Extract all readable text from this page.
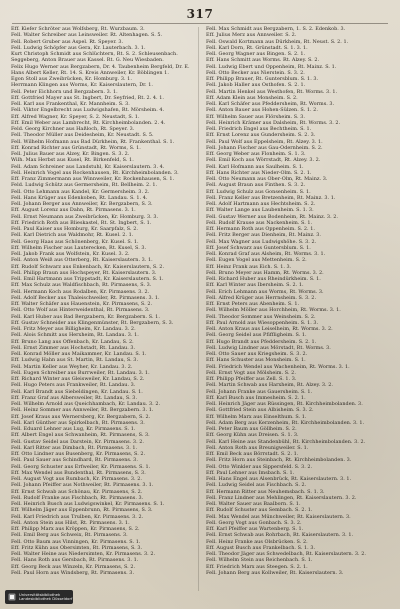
317
Eff. Kiefer Schröter aus Wolfsberg, Rt. Wurzbaum. 3.
Fell. Walter Schreiber aus Leinsweiler. Rt. Altenhagen. S. 5.
Fell. Robert Gruber aus Aspel. Rt. Speyer. 3.
Fell. Ludwig Schöpfer aus Gera, Kr. Lauterbach. 3. 1.
Kurt Christoph Schmidt aus Schlüchtern, Rt. S. 2. Schleusenbach.
Seggeberg, Anton Brauer aus Kassel. Rt. G. Neu Wiesbaden.
Felix Hugo Werner aus Bergzabern, Dr. 4. Taubenheim Bergfeld, Dr. E.
Hans Albert Keller, Rt. 14. S. Kreis Annweiler, Kr. Böblingen 1.
Egon Stoll aus Zweibrücken, Kr. Homburg. 3. 1.
Herrmann Klingen aus Worms, Kr. Kaiserslautern, Dr. 1.
Fell. Peter Eichhorn und Bergzabern. 3. 1.
Eff. Gottfried Mayer aus St. Ingbert, Dr. Seyfried, Rt. 2. 4. 1.
Fell. Karl aus Frankenthal, Kr. Mannheim. S. 3.
Fell. Viktor Engelbrecht aus Ludwigshafen, Rt. Mörsheim. 4.
Eff. Alfred Wagner, Kr. Speyer, S. 2. Neustadt, S. 1.
Eff. Emil Weber aus Lambrecht, Rt. Kirchheimbolanden. 2. 4.
Feld. Georg Kirchner aus Haßloch, Rt. Speyer. 3.
Fell. Theodor Müller aus Deidesheim, Kr. Neustadt. S. 5.
Fell. Wilhelm Hofmann aus Bad Dürkheim, Rt. Frankenthal. S. 1.
Eff. Konrad Richter aus Grünstadt, Rt. Worms, S. 1.
Fell. Julius Bauer aus Alzey, Kr. Bingen. S. 3. 2.
Wilh. Max Herbst aus Kusel, Rt. Birkenfeld, S. 1.
Fell. Adam Schreiner aus Landstuhl, Kr. Kaiserslautern. 3. 4.
Fell. Heinrich Vogel aus Rockenhausen, Rt. Kirchheimbolanden. 3.
Eff. Franz Zimmermann aus Winnweiler, Kr. Rockenhausen, S. 1.
Feld. Ludwig Schütz aus Germersheim, Rt. Bellheim. 2. 1.
Fell. Otto Lehmann aus Kandel, Kr. Germersheim. 3. 2.
Fell. Hans Krüger aus Edenkoben, Rt. Landau. S. 1. 4.
Fell. Johann Berger aus Annweiler, Kr. Bergzabern, S. 3.
Eff. August Lorenz aus Dahn, Rt. Pirmasens. 3. 1.
Fell. Ernst Neumann aus Zweibrücken, Kr. Homburg. 3. 3.
Eff. Friedrich Roth aus Blieskastel, Rt. St. Ingbert, S. 1.
Fell. Paul Kaiser aus Homburg, Kr. Saarpfalz, S. 2.
Fell. Karl Dietrich aus Waldmohr, Rt. Kusel. 2. 1.
Fell. Georg Haas aus Schönenberg, Kr. Kusel. S. 1.
Eff. Wilhelm Fischer aus Lauterecken, Rt. Kusel, S. 3.
Fell. Jakob Frank aus Wolfstein, Kr. Kusel. 3. 2.
Fell. Anton Weiß aus Otterberg, Rt. Kaiserslautern. 3. 1.
Eff. Rudolf Schwarz aus Enkenbach, Kr. Kaiserslautern, S. 2.
Fell. Philipp Braun aus Hochspeyer, Rt. Kaiserslautern. 3.
Fell. Emil Hartmann aus Trippstadt, Kr. Kaiserslautern. S. 1.
Eff. Max Schulz aus Waldfischbach, Rt. Pirmasens, S. 3.
Fell. Hermann Koch aus Rodalben, Kr. Pirmasens. 3. 2.
Fell. Adolf Becker aus Thaleischweiler, Rt. Pirmasens. 3. 1.
Eff. Walter Schäfer aus Hauenstein, Kr. Pirmasens, S. 2.
Fell. Otto Wolf aus Hinterweidenthal, Rt. Pirmasens. 3.
Fell. Karl Huber aus Bad Bergzabern, Kr. Bergzabern. S. 1.
Eff. Gustav Schneider aus Klingenmünster, Rt. Bergzabern, S. 3.
Fell. Fritz Meyer aus Billigheim, Kr. Landau. 3. 2.
Fell. Alois Schmitt aus Herxheim, Rt. Landau. 3. 1.
Eff. Bruno Lang aus Offenbach, Kr. Landau, S. 2.
Fell. Ernst Zimmer aus Hochstadt, Rt. Landau. 3.
Fell. Konrad Möller aus Maikammer, Kr. Landau. S. 1.
Eff. Ludwig Hahn aus St. Martin, Rt. Landau, S. 3.
Fell. Martin Keller aus Weyher, Kr. Landau. 3. 2.
Fell. Eugen Schreiber aus Burrweiler, Rt. Landau. 3. 1.
Eff. Richard Winter aus Gleisweiler, Kr. Landau, S. 2.
Fell. Hugo Peters aus Frankweiler, Rt. Landau. 3.
Fell. Karl Brandt aus Siebeldingen, Kr. Landau. S. 1.
Eff. Franz Graf aus Albersweiler, Rt. Landau, S. 3.
Fell. Wilhelm Arnold aus Queichhambach, Kr. Landau. 3. 2.
Fell. Heinz Sommer aus Annweiler, Rt. Bergzabern. 3. 1.
Eff. Josef Kraus aus Wernersberg, Kr. Bergzabern, S. 2.
Fell. Karl Günther aus Spirkelbach, Rt. Pirmasens. 3.
Fell. Eduard Lehner aus Lug, Kr. Pirmasens. S. 1.
Eff. Albert Engel aus Schwanheim, Rt. Pirmasens, S. 3.
Fell. Gustav Seidel aus Darstein, Kr. Pirmasens. 3. 2.
Fell. Karl Ritter aus Dimbach, Rt. Pirmasens. 3. 1.
Eff. Otto Lindner aus Busenberg, Kr. Pirmasens, S. 2.
Fell. Paul Sauer aus Schindhard, Rt. Pirmasens. 3.
Fell. Georg Schuster aus Erfweiler, Kr. Pirmasens. S. 1.
Eff. Max Wendel aus Bundenthal, Rt. Pirmasens, S. 3.
Fell. August Vogt aus Rumbach, Kr. Pirmasens. 3. 2.
Fell. Johann Pfeiffer aus Nothweiler, Rt. Pirmasens. 3. 1.
Eff. Ernst Schwab aus Schönau, Kr. Pirmasens, S. 2.
Fell. Rudolf Franke aus Fischbach, Rt. Pirmasens. 3.
Fell. Heinrich Busch aus Ludwigswinkel, Kr. Pirmasens. S. 1.
Eff. Wilhelm Jäger aus Eppenbrunn, Rt. Pirmasens, S. 3.
Fell. Karl Friedrich aus Trulben, Kr. Pirmasens. 3. 2.
Fell. Anton Stein aus Hilst, Rt. Pirmasens. 3. 1.
Eff. Philipp Marx aus Kröppen, Kr. Pirmasens, S. 2.
Fell. Emil Berg aus Schweix, Rt. Pirmasens. 3.
Fell. Otto Baum aus Vinningen, Kr. Pirmasens. S. 1.
Eff. Fritz Kühn aus Obersimten, Rt. Pirmasens, S. 3.
Fell. Walter Heine aus Niedersimten, Kr. Pirmasens. 3. 2.
Fell. Hans Roth aus Gersbach, Rt. Pirmasens. 3. 1.
Eff. Georg Beck aus Winzeln, Kr. Pirmasens, S. 2.
Fell. Paul Horn aus Windsberg, Rt. Pirmasens. 3.
Fell. Max Schmidt aus Bergzabern, 1. S. 2. Edenkob. 3.
Eff. Julius Merz aus Annweiler. S. 2.
Fell. Oswald Kortmann aus Dürkheim, Rt. Neust. S. 2. 1.
Fell. Karl Dorn, Rt. Grünstadt. S. 1. 3. 1.
Fell. Georg Wagner aus Bingen. S. 2. 1.
Eff. Hans Schmitt aus Worms. Rt. Alzey. S. 2.
Fell. Ludwig Ebert und Oppenheim, Rt. Mainz. S. 1.
Fell. Otto Becker aus Nierstein. S. 3. 2.
Eff. Philipp Brauer, Rt. Guntersblum. S. 1. 3.
Fell. Jakob Haller aus Osthofen. S. 2. 1.
Fell. Martin Henkel aus Westhofen, Rt. Worms. 3. 1.
Eff. Adam Klein aus Monsheim. S. 2.
Fell. Karl Schäfer aus Pfeddersheim, Rt. Worms. 3.
Fell. Anton Bauer aus Hohen-Sülzen. S. 1. 2.
Eff. Wilhelm Sauer aus Flörsheim. S. 3.
Fell. Heinrich Krämer aus Dalsheim, Rt. Worms. 3. 2.
Fell. Friedrich Engel aus Bechtheim. S. 1.
Eff. Ernst Lorenz aus Gundersheim. S. 2. 3.
Fell. Paul Wolf aus Eppelsheim, Rt. Alzey. 3. 1.
Fell. Johann Fischer aus Gau-Odernheim. S. 2.
Eff. Georg Weber aus Flonheim. S. 1. 3.
Fell. Emil Koch aus Wörrstadt, Rt. Alzey. 3. 2.
Fell. Karl Hofmann aus Saulheim. S. 1.
Eff. Hans Richter aus Nieder-Olm. S. 2. 1.
Fell. Otto Neumann aus Ober-Olm, Rt. Mainz. 3.
Fell. August Braun aus Finthen. S. 3. 2.
Eff. Ludwig Schulz aus Gonsenheim. S. 1.
Fell. Franz Keller aus Bretzenheim, Rt. Mainz. 3. 1.
Fell. Adolf Hartmann aus Hechtsheim. S. 2.
Eff. Walter Lange aus Laubenheim. S. 1. 3.
Fell. Gustav Werner aus Bodenheim, Rt. Mainz. 3. 2.
Fell. Rudolf Krause aus Nackenheim. S. 1.
Eff. Hermann Roth aus Oppenheim. S. 2. 1.
Fell. Fritz Berger aus Dienheim, Rt. Mainz. 3.
Fell. Max Wagner aus Ludwigshöhe. S. 3. 2.
Eff. Josef Schwarz aus Guntersblum. S. 1.
Fell. Konrad Graf aus Alsheim, Rt. Worms. 3. 1.
Fell. Eugen Vogel aus Mettenheim. S. 2.
Eff. Heinz Frank aus Eich. S. 1. 3.
Fell. Bruno Meyer aus Hamm, Rt. Worms. 3. 2.
Fell. Richard Huber aus Rheindürkheim. S. 1.
Eff. Karl Winter aus Ibersheim. S. 2. 1.
Fell. Erich Lehmann aus Worms, Rt. Worms. 3.
Fell. Alfred Krüger aus Herrnsheim. S. 3. 2.
Eff. Ernst Peters aus Abenheim. S. 1.
Fell. Wilhelm Möller aus Horchheim, Rt. Worms. 3. 1.
Fell. Theodor Sommer aus Weinsheim. S. 2.
Eff. Paul Arnold aus Wiesoppenheim. S. 1. 3.
Fell. Anton Kraus aus Leiselheim, Rt. Worms. 3. 2.
Fell. Georg Seidel aus Pfiffligheim. S. 1.
Eff. Hugo Brandt aus Pfeddersheim. S. 2. 1.
Fell. Ludwig Lindner aus Mörstadt, Rt. Worms. 3.
Fell. Otto Sauer aus Kriegsheim. S. 3. 2.
Eff. Hans Schuster aus Monsheim. S. 1.
Fell. Friedrich Wendel aus Wachenheim, Rt. Worms. 3. 1.
Fell. Ernst Vogt aus Mölsheim. S. 2.
Eff. Philipp Pfeiffer aus Zell. S. 1. 3.
Fell. Martin Schwab aus Harxheim, Rt. Alzey. 3. 2.
Fell. Johann Franke aus Gauersheim. S. 1.
Eff. Karl Busch aus Immesheim. S. 2. 1.
Fell. Heinrich Jäger aus Rüssingen, Rt. Kirchheimbolanden. 3.
Fell. Gottfried Stein aus Albisheim. S. 3. 2.
Eff. Wilhelm Marx aus Einselthum. S. 1.
Fell. Adam Berg aus Kerzenheim, Rt. Kirchheimbolanden. 3. 1.
Fell. Peter Baum aus Göllheim. S. 2.
Eff. Georg Kühn aus Dreisen. S. 1. 3.
Fell. Karl Heine aus Standenbühl, Rt. Kirchheimbolanden. 3. 2.
Fell. Anton Roth aus Breunigweiler. S. 1.
Eff. Emil Beck aus Börrstadt. S. 2. 1.
Fell. Fritz Horn aus Steinbach, Rt. Kirchheimbolanden. 3.
Fell. Otto Winkler aus Sippersfeld. S. 3. 2.
Eff. Paul Lehner aus Imsbach. S. 1.
Fell. Hans Engel aus Alsenbrück, Rt. Kaiserslautern. 3. 1.
Fell. Ludwig Seidel aus Fischbach. S. 2.
Eff. Hermann Ritter aus Neuhemsbach. S. 1. 3.
Fell. Franz Lindner aus Mehlingen, Rt. Kaiserslautern. 3. 2.
Fell. Walter Sauer aus Baalborn. S. 1.
Eff. Rudolf Schuster aus Sembach. S. 2. 1.
Fell. Max Wendel aus Münchweiler, Rt. Kaiserslautern. 3.
Fell. Georg Vogt aus Gonbach. S. 3. 2.
Eff. Karl Pfeiffer aus Wartenberg. S. 1.
Fell. Ernst Schwab aus Rohrbach, Rt. Kaiserslautern. 3. 1.
Fell. Heinz Franke aus Olsbrücken. S. 2.
Eff. August Busch aus Frankelbach. S. 1. 3.
Fell. Theodor Jäger aus Schwedelbach, Rt. Kaiserslautern. 3. 2.
Fell. Wilhelm Stein aus Reichenbach. S. 1.
Eff. Friedrich Marx aus Steegen. S. 2. 1.
Fell. Johann Berg aus Kollweiler, Rt. Kaiserslautern. 3.
Universitätsbibliothek
Landesbibliothek Düsseldorf
